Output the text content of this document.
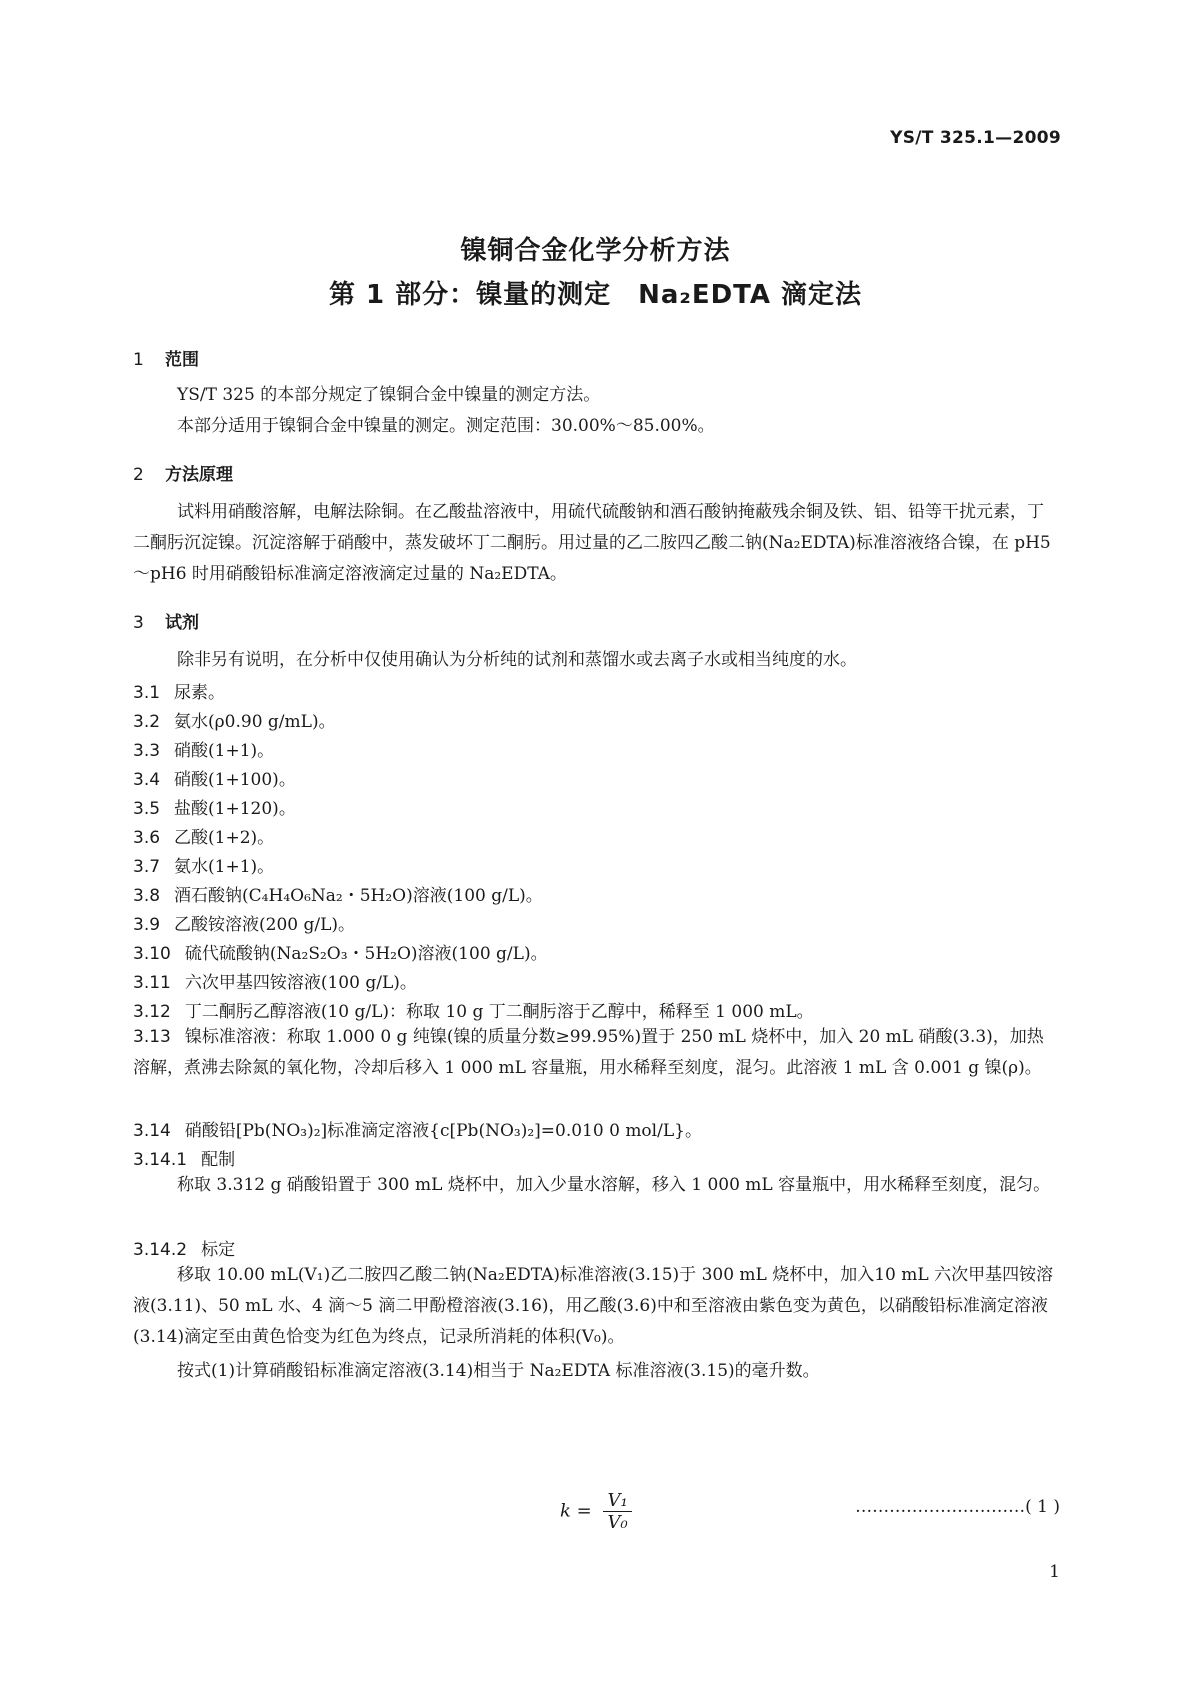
YS/T 325.1—2009
镍铜合金化学分析方法
第 1 部分：镍量的测定　Na₂EDTA 滴定法
1 范围
YS/T 325 的本部分规定了镍铜合金中镍量的测定方法。
本部分适用于镍铜合金中镍量的测定。测定范围：30.00%～85.00%。
2 方法原理
试料用硝酸溶解，电解法除铜。在乙酸盐溶液中，用硫代硫酸钠和酒石酸钠掩蔽残余铜及铁、铝、铅等干扰元素，丁二酮肟沉淀镍。沉淀溶解于硝酸中，蒸发破坏丁二酮肟。用过量的乙二胺四乙酸二钠(Na₂EDTA)标准溶液络合镍，在 pH5～pH6 时用硝酸铅标准滴定溶液滴定过量的 Na₂EDTA。
3 试剂
除非另有说明，在分析中仅使用确认为分析纯的试剂和蒸馏水或去离子水或相当纯度的水。
3.1 尿素。
3.2 氨水(ρ0.90 g/mL)。
3.3 硝酸(1+1)。
3.4 硝酸(1+100)。
3.5 盐酸(1+120)。
3.6 乙酸(1+2)。
3.7 氨水(1+1)。
3.8 酒石酸钠(C₄H₄O₆Na₂・5H₂O)溶液(100 g/L)。
3.9 乙酸铵溶液(200 g/L)。
3.10 硫代硫酸钠(Na₂S₂O₃・5H₂O)溶液(100 g/L)。
3.11 六次甲基四铵溶液(100 g/L)。
3.12 丁二酮肟乙醇溶液(10 g/L)：称取 10 g 丁二酮肟溶于乙醇中，稀释至 1 000 mL。
3.13 镍标准溶液：称取 1.000 0 g 纯镍(镍的质量分数≥99.95%)置于 250 mL 烧杯中，加入 20 mL 硝酸(3.3)，加热溶解，煮沸去除氮的氧化物，冷却后移入 1 000 mL 容量瓶，用水稀释至刻度，混匀。此溶液 1 mL 含 0.001 g 镍(ρ)。
3.14 硝酸铅[Pb(NO₃)₂]标准滴定溶液{c[Pb(NO₃)₂]=0.010 0 mol/L}。
3.14.1 配制
称取 3.312 g 硝酸铅置于 300 mL 烧杯中，加入少量水溶解，移入 1 000 mL 容量瓶中，用水稀释至刻度，混匀。
3.14.2 标定
移取 10.00 mL(V₁)乙二胺四乙酸二钠(Na₂EDTA)标准溶液(3.15)于 300 mL 烧杯中，加入10 mL 六次甲基四铵溶液(3.11)、50 mL 水、4 滴～5 滴二甲酚橙溶液(3.16)，用乙酸(3.6)中和至溶液由紫色变为黄色，以硝酸铅标准滴定溶液(3.14)滴定至由黄色恰变为红色为终点，记录所消耗的体积(V₀)。
按式(1)计算硝酸铅标准滴定溶液(3.14)相当于 Na₂EDTA 标准溶液(3.15)的毫升数。
$k = \frac{\text{V₁}}{\text{V₀}}$	…………………………( 1 )
1
